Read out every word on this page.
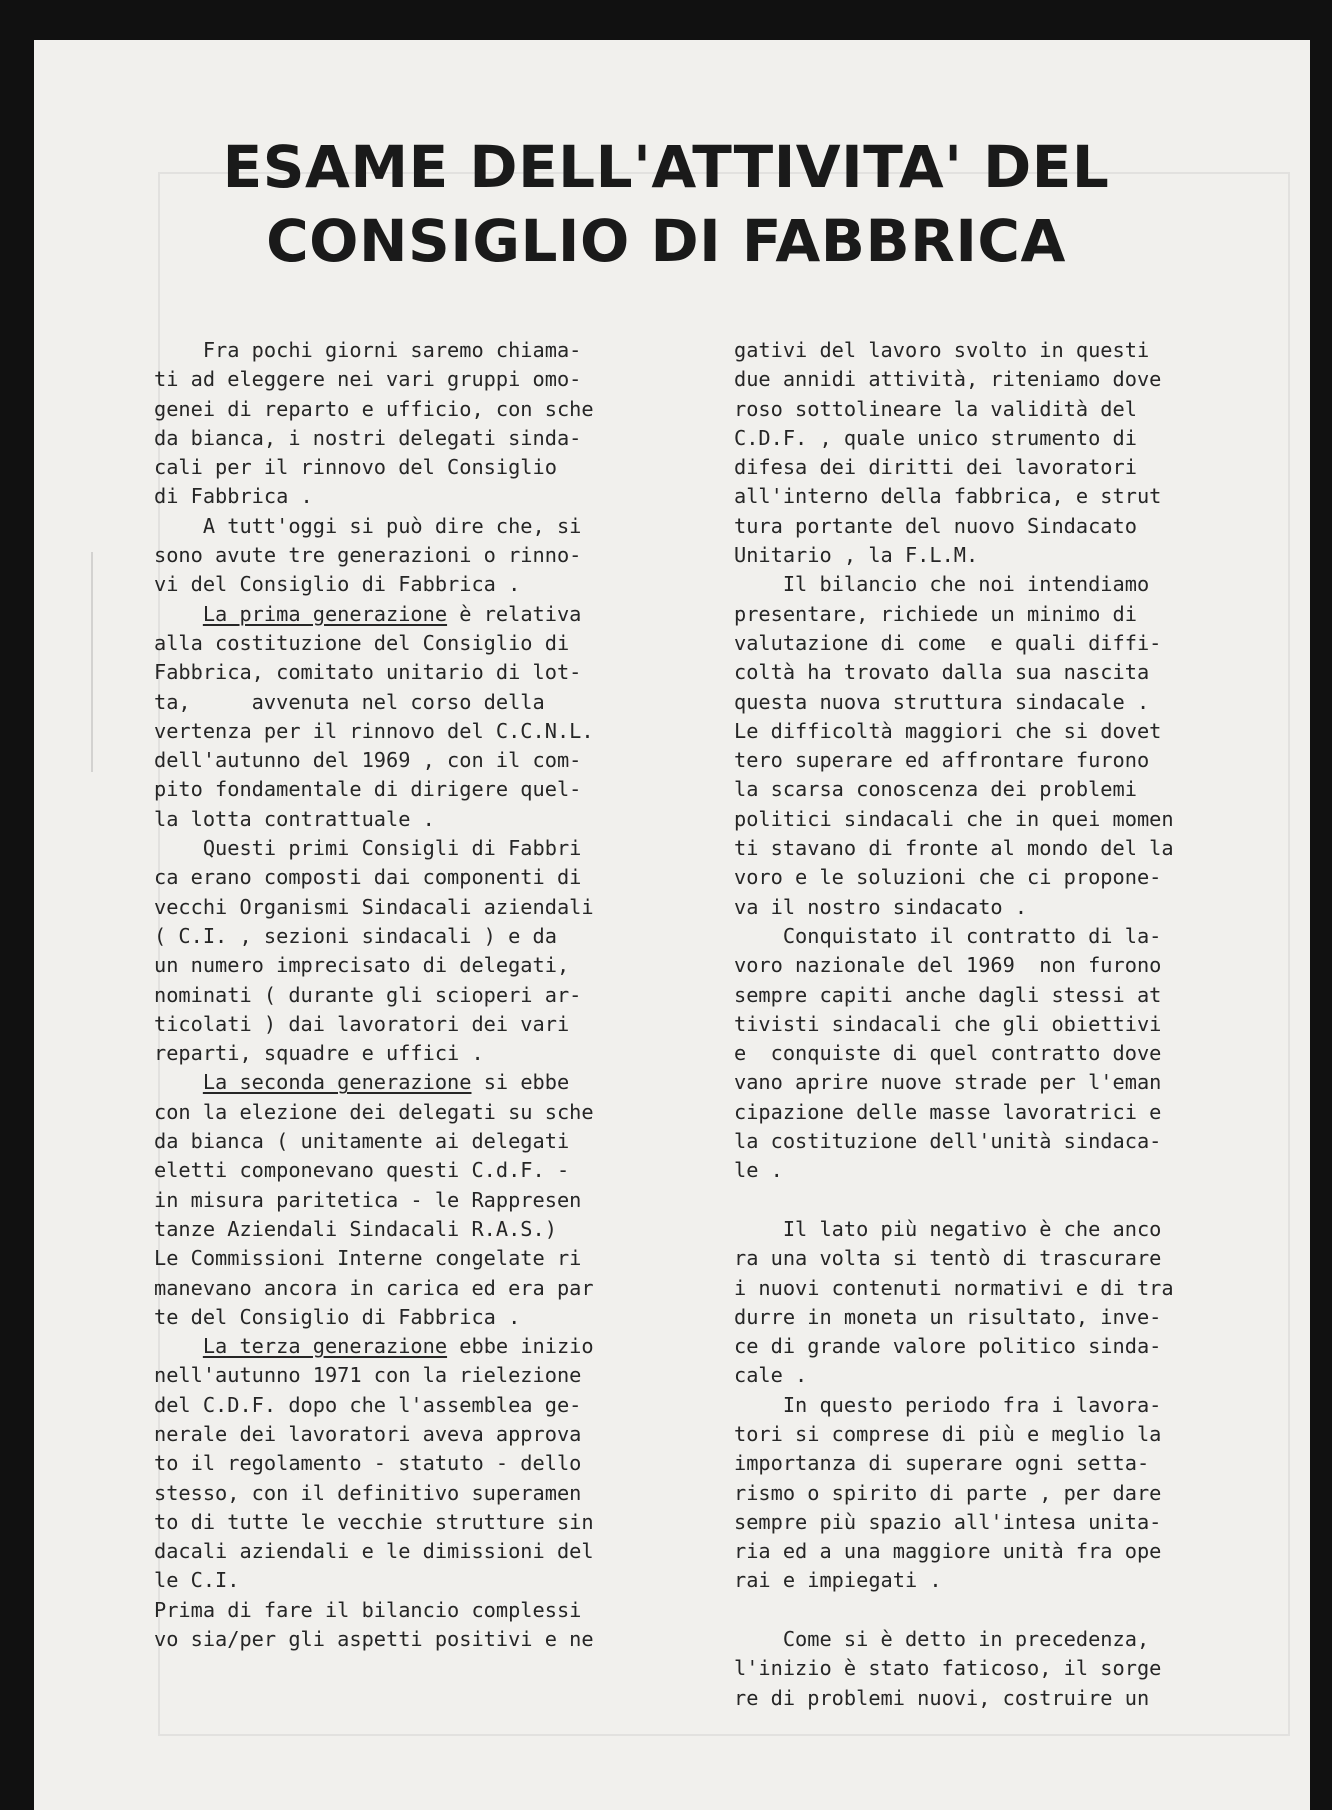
ESAME DELL'ATTIVITA' DEL
CONSIGLIO DI FABBRICA
Fra pochi giorni saremo chiama-
ti ad eleggere nei vari gruppi omo-
genei di reparto e ufficio, con sche
da bianca, i nostri delegati sinda-
cali per il rinnovo del Consiglio
di Fabbrica .
A tutt'oggi si può dire che, si
sono avute tre generazioni o rinno-
vi del Consiglio di Fabbrica .
La prima generazione è relativa
alla costituzione del Consiglio di
Fabbrica, comitato unitario di lot-
ta,     avvenuta nel corso della
vertenza per il rinnovo del C.C.N.L.
dell'autunno del 1969 , con il com-
pito fondamentale di dirigere quel-
la lotta contrattuale .
Questi primi Consigli di Fabbri
ca erano composti dai componenti di
vecchi Organismi Sindacali aziendali
( C.I. , sezioni sindacali ) e da
un numero imprecisato di delegati,
nominati ( durante gli scioperi ar-
ticolati ) dai lavoratori dei vari
reparti, squadre e uffici .
La seconda generazione si ebbe
con la elezione dei delegati su sche
da bianca ( unitamente ai delegati
eletti componevano questi C.d.F. -
in misura paritetica - le Rappresen
tanze Aziendali Sindacali R.A.S.)
Le Commissioni Interne congelate ri
manevano ancora in carica ed era par
te del Consiglio di Fabbrica .
La terza generazione ebbe inizio
nell'autunno 1971 con la rielezione
del C.D.F. dopo che l'assemblea ge-
nerale dei lavoratori aveva approva
to il regolamento - statuto - dello
stesso, con il definitivo superamen
to di tutte le vecchie strutture sin
dacali aziendali e le dimissioni del
le C.I.
Prima di fare il bilancio complessi
vo sia/per gli aspetti positivi e ne
gativi del lavoro svolto in questi
due annidi attività, riteniamo dove
roso sottolineare la validità del
C.D.F. , quale unico strumento di
difesa dei diritti dei lavoratori
all'interno della fabbrica, e strut
tura portante del nuovo Sindacato
Unitario , la F.L.M.
Il bilancio che noi intendiamo
presentare, richiede un minimo di
valutazione di come  e quali diffi-
coltà ha trovato dalla sua nascita
questa nuova struttura sindacale .
Le difficoltà maggiori che si dovet
tero superare ed affrontare furono
la scarsa conoscenza dei problemi
politici sindacali che in quei momen
ti stavano di fronte al mondo del la
voro e le soluzioni che ci propone-
va il nostro sindacato .
Conquistato il contratto di la-
voro nazionale del 1969  non furono
sempre capiti anche dagli stessi at
tivisti sindacali che gli obiettivi
e  conquiste di quel contratto dove
vano aprire nuove strade per l'eman
cipazione delle masse lavoratrici e
la costituzione dell'unità sindaca-
le .
Il lato più negativo è che anco
ra una volta si tentò di trascurare
i nuovi contenuti normativi e di tra
durre in moneta un risultato, inve-
ce di grande valore politico sinda-
cale .
In questo periodo fra i lavora-
tori si comprese di più e meglio la
importanza di superare ogni setta-
rismo o spirito di parte , per dare
sempre più spazio all'intesa unita-
ria ed a una maggiore unità fra ope
rai e impiegati .
Come si è detto in precedenza,
l'inizio è stato faticoso, il sorge
re di problemi nuovi, costruire un
